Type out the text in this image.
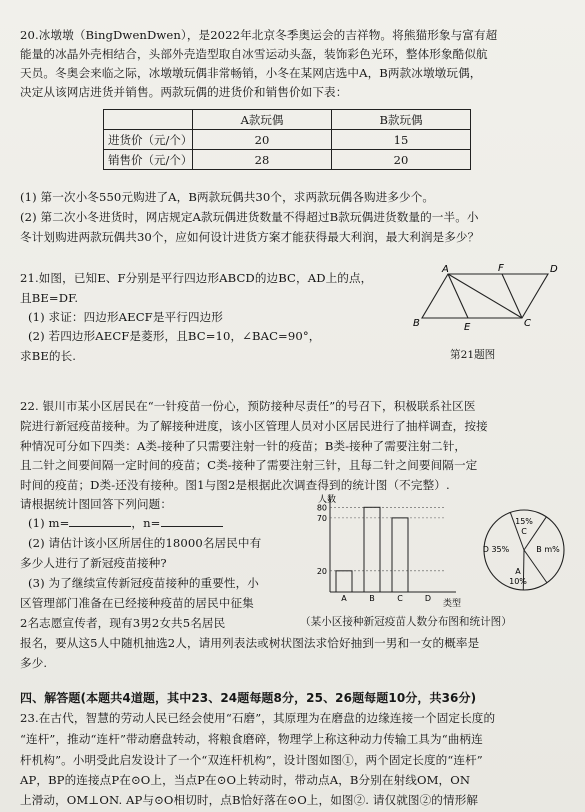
20.冰墩墩（BingDwenDwen），是2022年北京冬季奥运会的吉祥物。将熊猫形象与富有超
能量的冰晶外壳相结合，头部外壳造型取自冰雪运动头盔，装饰彩色光环，整体形象酷似航
天员。冬奥会来临之际，冰墩墩玩偶非常畅销，小冬在某网店选中A，B两款冰墩墩玩偶，
决定从该网店进货并销售。两款玩偶的进货价和销售价如下表：
	A款玩偶	B款玩偶
进货价（元/个）	20	15
销售价（元/个）	28	20
(1) 第一次小冬550元购进了A，B两款玩偶共30个，求两款玩偶各购进多少个。
(2) 第二次小冬进货时，网店规定A款玩偶进货数量不得超过B款玩偶进货数量的一半。小
冬计划购进两款玩偶共30个，应如何设计进货方案才能获得最大利润，最大利润是多少？
21.如图，已知E、F分别是平行四边形ABCD的边BC，AD上的点，
且BE=DF.
(1) 求证：四边形AECF是平行四边形
(2) 若四边形AECF是菱形，且BC=10，∠BAC=90°，
求BE的长.
A	F	D
B	E	C
第21题图
22. 银川市某小区居民在“一针疫苗一份心，预防接种尽责任”的号召下，积极联系社区医
院进行新冠疫苗接种。为了解接种进度，该小区管理人员对小区居民进行了抽样调查，按接
种情况可分如下四类：A类-接种了只需要注射一针的疫苗；B类-接种了需要注射二针，
且二针之间要间隔一定时间的疫苗；C类-接种了需要注射三针，且每二针之间要间隔一定
时间的疫苗；D类-还没有接种。图1与图2是根据此次调查得到的统计图（不完整）.
请根据统计图回答下列问题：
(1) m=	，n=
(2) 请估计该小区所居住的18000名居民中有
多少人进行了新冠疫苗接种?
(3) 为了继续宣传新冠疫苗接种的重要性，小
区管理部门准备在已经接种疫苗的居民中征集
2名志愿宣传者，现有3男2女共5名居民
报名，要从这5人中随机抽选2人，请用列表法或树状图法求恰好抽到一男和一女的概率是
多少.
20
70
80
A	B	C	D
人数
类型
C
15%
B m%
A
10%
D 35%
（某小区接种新冠疫苗人数分布图和统计图）
四、解答题(本题共4道题，其中23、24题每题8分，25、26题每题10分，共36分)
23.在古代，智慧的劳动人民已经会使用“石磨”，其原理为在磨盘的边缘连接一个固定长度的
“连杆”，推动“连杆”带动磨盘转动，将粮食磨碎，物理学上称这种动力传输工具为“曲柄连
杆机构”。小明受此启发设计了一个“双连杆机构”，设计图如图①，两个固定长度的“连杆”
AP，BP的连接点P在⊙O上，当点P在⊙O上转动时，带动点A，B分别在射线OM，ON
上滑动，OM⊥ON. AP与⊙O相切时，点B恰好落在⊙O上，如图②. 请仅就图②的情形解
